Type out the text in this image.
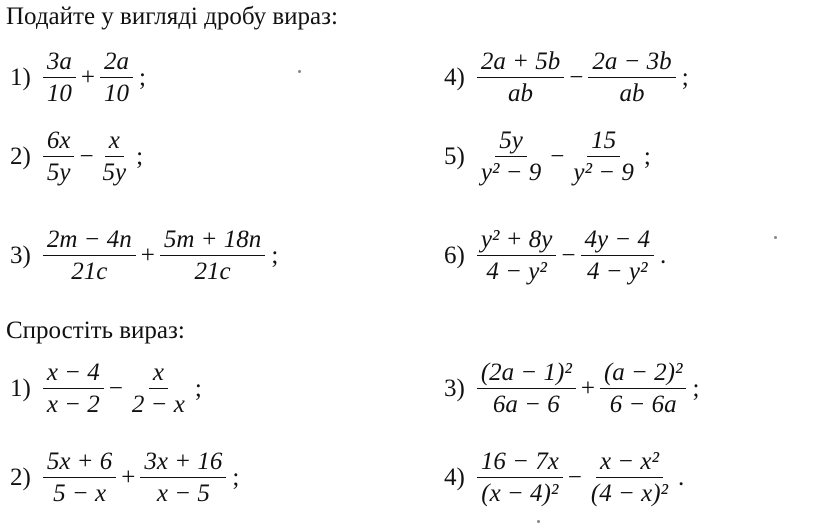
Подайте у вигляді дробу вираз:
$1) \frac{3a}{10} + \frac{2a}{10}$ ;
$2) \frac{6x}{5y} - \frac{x}{5y}$ ;
$3) \frac{2m - 4n}{21c} + \frac{5m + 18n}{21c}$ ;
$4) \frac{2a + 5b}{ab} - \frac{2a - 3b}{ab}$ ;
$5) \frac{5y}{\text{y² − 9}} - \frac{15}{\text{y² − 9}}$ ;
$6) \frac{\text{y² + 8y}}{\text{4 − y²}} - \frac{4y - 4}{\text{4 − y²}}$ .
Спростіть вираз:
$1) \frac{x - 4}{x - 2} - \frac{x}{2 - x}$ ;
$2) \frac{5x + 6}{5 - x} + \frac{3x + 16}{x - 5}$ ;
$3) \frac{\text{(2a − 1)²}}{6a - 6} + \frac{\text{(a − 2)²}}{6 - 6a}$ ;
$4) \frac{16 - 7x}{\text{(x − 4)²}} - \frac{\text{x − x²}}{\text{(4 − x)²}}$ .
